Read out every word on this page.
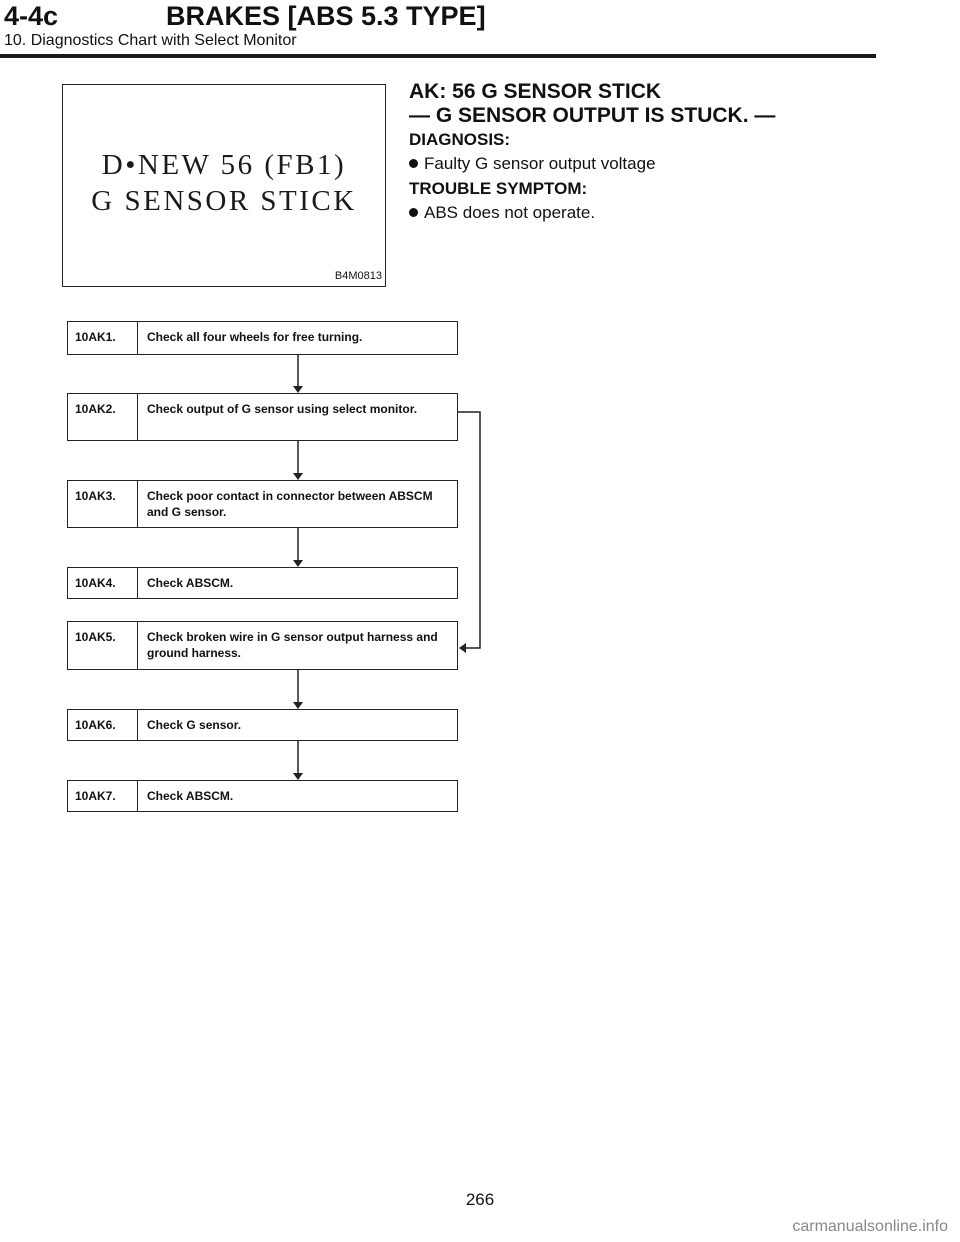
4-4c	BRAKES [ABS 5.3 TYPE]
10. Diagnostics Chart with Select Monitor
D•NEW 56 (FB1)
G SENSOR STICK
B4M0813
AK: 56 G SENSOR STICK
— G SENSOR OUTPUT IS STUCK. —
DIAGNOSIS:
Faulty G sensor output voltage
TROUBLE SYMPTOM:
ABS does not operate.
10AK1.	Check all four wheels for free turning.
10AK2.	Check output of G sensor using select monitor.
10AK3.	Check poor contact in connector between ABSCM and G sensor.
10AK4.	Check ABSCM.
10AK5.	Check broken wire in G sensor output harness and ground harness.
10AK6.	Check G sensor.
10AK7.	Check ABSCM.
266
carmanualsonline.info
